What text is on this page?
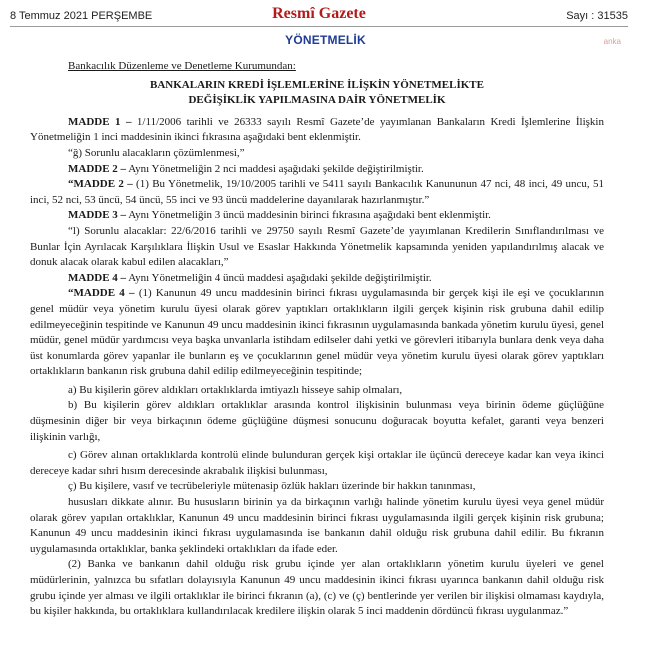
8 Temmuz 2021 PERŞEMBE	Resmî Gazete	Sayı : 31535
YÖNETMELİK	anka

Bankacılık Düzenleme ve Denetleme Kurumundan:

BANKALARIN KREDİ İŞLEMLERİNE İLİŞKİN YÖNETMELİKTE
DEĞİŞİKLİK YAPILMASINA DAİR YÖNETMELİK

MADDE 1 – 1/11/2006 tarihli ve 26333 sayılı Resmî Gazete’de yayımlanan Bankaların Kredi İşlemlerine İlişkin Yönetmeliğin 1 inci maddesinin ikinci fıkrasına aşağıdaki bent eklenmiştir.

“ğ) Sorunlu alacakların çözümlenmesi,”

MADDE 2 – Aynı Yönetmeliğin 2 nci maddesi aşağıdaki şekilde değiştirilmiştir.

“MADDE 2 – (1) Bu Yönetmelik, 19/10/2005 tarihli ve 5411 sayılı Bankacılık Kanununun 47 nci, 48 inci, 49 uncu, 51 inci, 52 nci, 53 üncü, 54 üncü, 55 inci ve 93 üncü maddelerine dayanılarak hazırlanmıştır.”

MADDE 3 – Aynı Yönetmeliğin 3 üncü maddesinin birinci fıkrasına aşağıdaki bent eklenmiştir.

“l) Sorunlu alacaklar: 22/6/2016 tarihli ve 29750 sayılı Resmî Gazete’de yayımlanan Kredilerin Sınıflandırılması ve Bunlar İçin Ayrılacak Karşılıklara İlişkin Usul ve Esaslar Hakkında Yönetmelik kapsamında yeniden yapılandırılmış alacak ve donuk alacak olarak kabul edilen alacakları,”

MADDE 4 – Aynı Yönetmeliğin 4 üncü maddesi aşağıdaki şekilde değiştirilmiştir.

“MADDE 4 – (1) Kanunun 49 uncu maddesinin birinci fıkrası uygulamasında bir gerçek kişi ile eşi ve çocuklarının genel müdür veya yönetim kurulu üyesi olarak görev yaptıkları ortaklıkların ilgili gerçek kişinin risk grubuna dahil edilip edilmeyeceğinin tespitinde ve Kanunun 49 uncu maddesinin ikinci fıkrasının uygulamasında bankada yönetim kurulu üyesi, genel müdür, genel müdür yardımcısı veya başka unvanlarla istihdam edilseler dahi yetki ve görevleri itibarıyla bunlara denk veya daha üst konumlarda görev yapanlar ile bunların eş ve çocuklarının genel müdür veya yönetim kurulu üyesi olarak görev yaptıkları ortaklıkların bankanın risk grubuna dahil edilip edilmeyeceğinin tespitinde;

a) Bu kişilerin görev aldıkları ortaklıklarda imtiyazlı hisseye sahip olmaları,

b) Bu kişilerin görev aldıkları ortaklıklar arasında kontrol ilişkisinin bulunması veya birinin ödeme güçlüğüne düşmesinin diğer bir veya birkaçının ödeme güçlüğüne düşmesi sonucunu doğuracak boyutta kefalet, garanti veya benzeri ilişkinin varlığı,

c) Görev alınan ortaklıklarda kontrolü elinde bulunduran gerçek kişi ortaklar ile üçüncü dereceye kadar kan veya ikinci dereceye kadar sıhri hısım derecesinde akrabalık ilişkisi bulunması,

ç) Bu kişilere, vasıf ve tecrübeleriyle mütenasip özlük hakları üzerinde bir hakkın tanınması,

hususları dikkate alınır. Bu hususların birinin ya da birkaçının varlığı halinde yönetim kurulu üyesi veya genel müdür olarak görev yapılan ortaklıklar, Kanunun 49 uncu maddesinin birinci fıkrası uygulamasında ilgili gerçek kişinin risk grubuna; Kanunun 49 uncu maddesinin ikinci fıkrası uygulamasında ise bankanın dahil olduğu risk grubuna dahil edilir. Bu fıkranın uygulamasında ortaklıklar, banka şeklindeki ortaklıkları da ifade eder.

(2) Banka ve bankanın dahil olduğu risk grubu içinde yer alan ortaklıkların yönetim kurulu üyeleri ve genel müdürlerinin, yalnızca bu sıfatları dolayısıyla Kanunun 49 uncu maddesinin ikinci fıkrası uyarınca bankanın dahil olduğu risk grubu içinde yer alması ve ilgili ortaklıklar ile birinci fıkranın (a), (c) ve (ç) bentlerinde yer verilen bir ilişkisi olmaması kaydıyla, bu kişiler hakkında, bu ortaklıklara kullandırılacak kredilere ilişkin olarak 5 inci maddenin dördüncü fıkrası uygulanmaz.”
